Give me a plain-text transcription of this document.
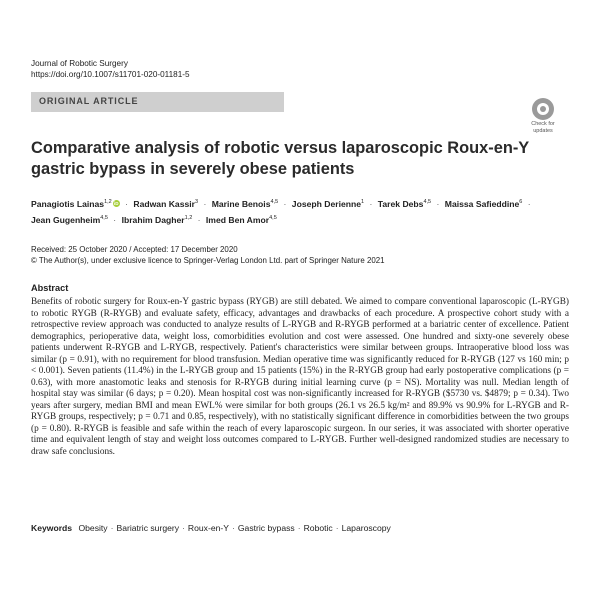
Journal of Robotic Surgery
https://doi.org/10.1007/s11701-020-01181-5
ORIGINAL ARTICLE
Check for
updates
Comparative analysis of robotic versus laparoscopic Roux-en-Y gastric bypass in severely obese patients
Panagiotis Lainas$^{1,2}$ iD · Radwan Kassir$^3$ · Marine Benois$^{4,5}$ · Joseph Derienne$^1$ · Tarek Debs$^{4,5}$ · Maissa Safieddine$^6$ · Jean Gugenheim$^{4,5}$ · Ibrahim Dagher$^{1,2}$ · Imed Ben Amor$^{4,5}$
Received: 25 October 2020 / Accepted: 17 December 2020
© The Author(s), under exclusive licence to Springer-Verlag London Ltd. part of Springer Nature 2021
Abstract

Benefits of robotic surgery for Roux-en-Y gastric bypass (RYGB) are still debated. We aimed to compare conventional laparoscopic (L-RYGB) to robotic RYGB (R-RYGB) and evaluate safety, efficacy, advantages and drawbacks of each procedure. A prospective cohort study with a retrospective review approach was conducted to analyze results of L-RYGB and R-RYGB performed at a bariatric center of excellence. Patient demographics, perioperative data, weight loss, comorbidities evolution and cost were assessed. One hundred and sixty-one severely obese patients underwent R-RYGB and L-RYGB, respectively. Patient's characteristics were similar between groups. Intraoperative blood loss was similar (p = 0.91), with no requirement for blood transfusion. Median operative time was significantly reduced for R-RYGB (127 vs 160 min; p < 0.001). Seven patients (11.4%) in the L-RYGB group and 15 patients (15%) in the R-RYGB group had early postoperative complications (p = 0.63), with more anastomotic leaks and stenosis for R-RYGB during initial learning curve (p = NS). Mortality was null. Median length of hospital stay was similar (6 days; p = 0.20). Mean hospital cost was non-significantly increased for R-RYGB ($5730 vs. $4879; p = 0.34). Two years after surgery, median BMI and mean EWL% were similar for both groups (26.1 vs 26.5 kg/m² and 89.9% vs 90.9% for L-RYGB and R-RYGB groups, respectively; p = 0.71 and 0.85, respectively), with no statistically significant difference in comorbidities between the two groups (p = 0.80). R-RYGB is feasible and safe within the reach of every laparoscopic surgeon. In our series, it was associated with shorter operative time and equivalent length of stay and weight loss outcomes compared to L-RYGB. Further well-designed randomized studies are necessary to draw safe conclusions.

Keywords Obesity · Bariatric surgery · Roux-en-Y · Gastric bypass · Robotic · Laparoscopy
